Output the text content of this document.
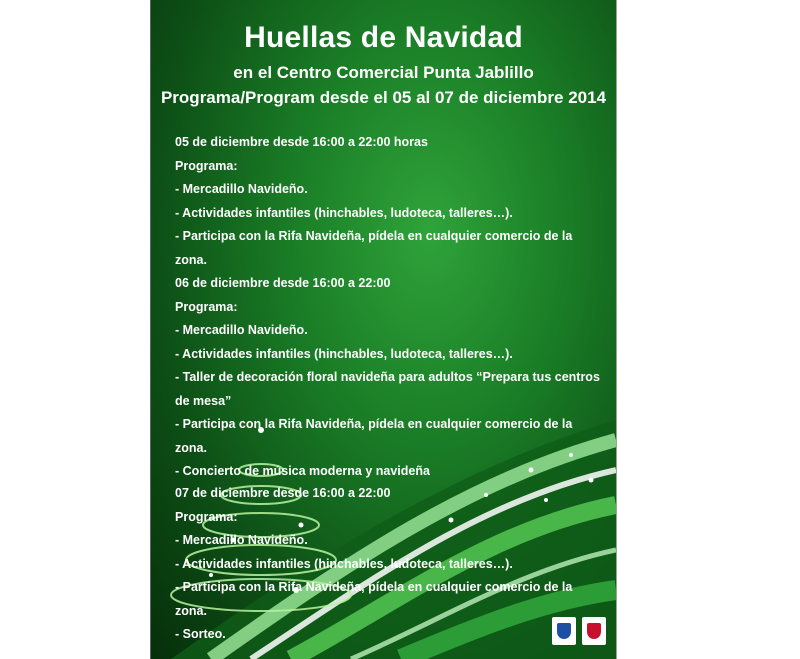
Huellas de Navidad
en el Centro Comercial Punta Jablillo
Programa/Program desde el 05 al 07 de diciembre 2014

05 de diciembre desde 16:00 a 22:00 horas

Programa:

- Mercadillo Navideño.

- Actividades infantiles (hinchables, ludoteca, talleres…).

- Participa con la Rifa Navideña, pídela en cualquier comercio de la zona.

06 de diciembre desde 16:00 a 22:00

Programa:

- Mercadillo Navideño.

- Actividades infantiles (hinchables, ludoteca, talleres…).

- Taller de decoración floral navideña para adultos “Prepara tus centros de mesa”

- Participa con la Rifa Navideña, pídela en cualquier comercio de la zona.

- Concierto de música moderna y navideña

07 de diciembre desde 16:00 a 22:00

Programa:

- Mercadillo Navideño.

- Actividades infantiles (hinchables, ludoteca, talleres…).

- Participa con la Rifa Navideña, pídela en cualquier comercio de la zona.

- Sorteo.
